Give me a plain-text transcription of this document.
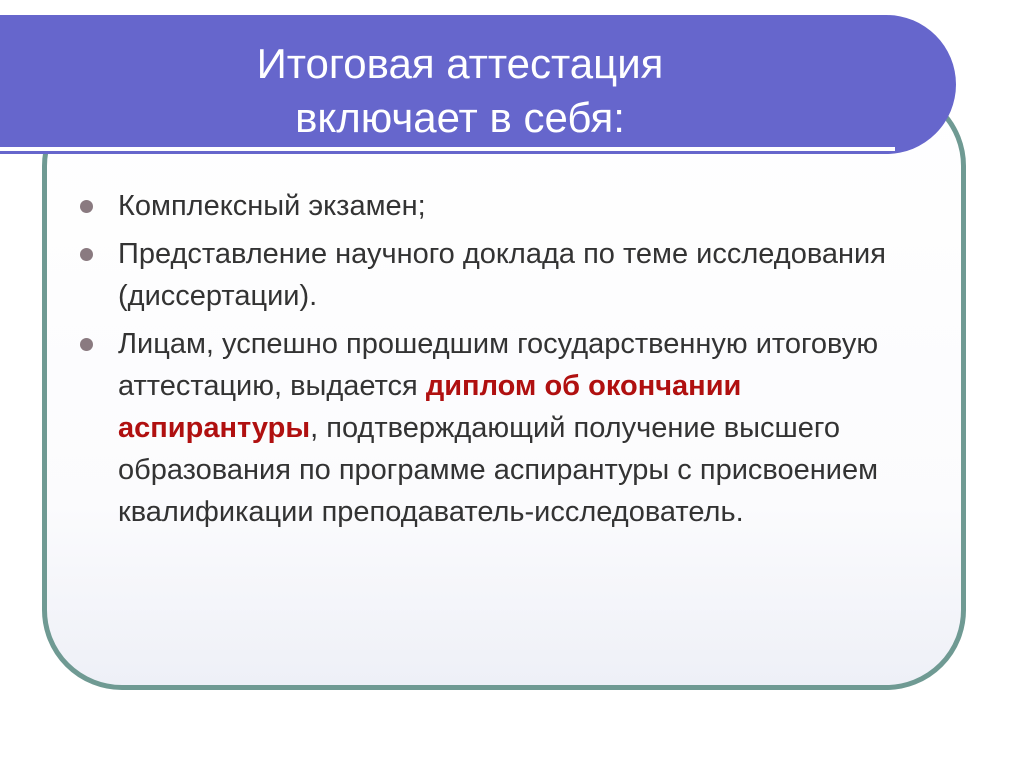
Итоговая аттестация
включает в себя:
Комплексный экзамен;
Представление научного доклада по теме исследования (диссертации).
Лицам, успешно прошедшим государственную итоговую аттестацию, выдается диплом об окончании аспирантуры, подтверждающий получение высшего образования по программе аспирантуры с присвоением квалификации преподаватель-исследователь.
